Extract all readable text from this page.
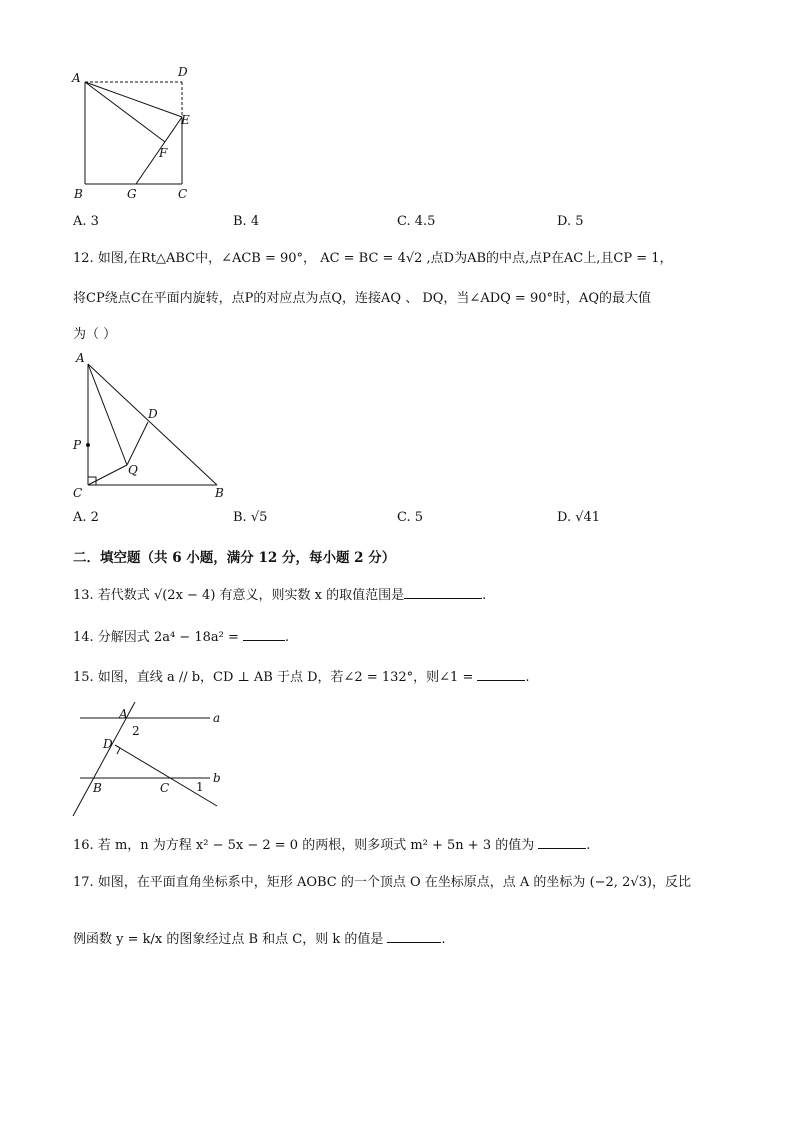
A	D
E
F
B	G	C
A. 3	B. 4	C. 4.5	D. 5
12. 如图,在Rt△ABC中，∠ACB = 90°， AC = BC = 4√2 ,点D为AB的中点,点P在AC上,且CP = 1，
将CP绕点C在平面内旋转，点P的对应点为点Q，连接AQ 、 DQ，当∠ADQ = 90°时，AQ的最大值
为（ ）
A
D
P
Q
C	B
A. 2	B. √5	C. 5	D. √41
二．填空题（共 6 小题，满分 12 分，每小题 2 分）
13. 若代数式 √(2x − 4) 有意义，则实数 x 的取值范围是	.
14. 分解因式 2a⁴ − 18a² =	.
15. 如图，直线 a // b，CD ⊥ AB 于点 D，若∠2 = 132°，则∠1 =	.
A
2
a
D
B	C 1
b
16. 若 m，n 为方程 x² − 5x − 2 = 0 的两根，则多项式 m² + 5n + 3 的值为	.
17. 如图，在平面直角坐标系中，矩形 AOBC 的一个顶点 O 在坐标原点，点 A 的坐标为 (−2, 2√3)，反比
例函数 y = k/x 的图象经过点 B 和点 C，则 k 的值是	.
